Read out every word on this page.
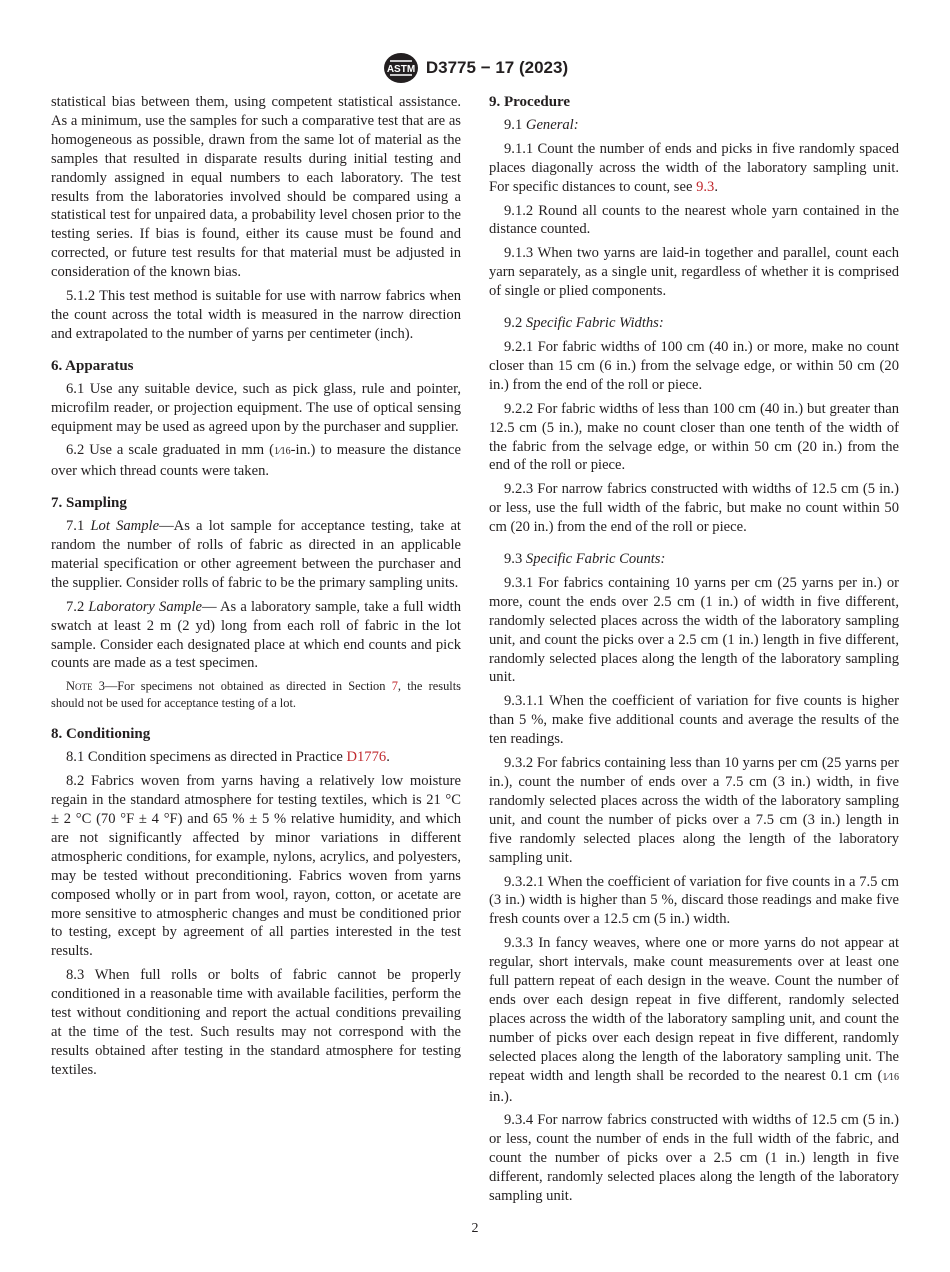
ASTM D3775 − 17 (2023)

statistical bias between them, using competent statistical assistance. As a minimum, use the samples for such a comparative test that are as homogeneous as possible, drawn from the same lot of material as the samples that resulted in disparate results during initial testing and randomly assigned in equal numbers to each laboratory. The test results from the laboratories involved should be compared using a statistical test for unpaired data, a probability level chosen prior to the testing series. If bias is found, either its cause must be found and corrected, or future test results for that material must be adjusted in consideration of the known bias.

5.1.2 This test method is suitable for use with narrow fabrics when the count across the total width is measured in the narrow direction and extrapolated to the number of yarns per centimeter (inch).

6. Apparatus

6.1 Use any suitable device, such as pick glass, rule and pointer, microfilm reader, or projection equipment. The use of optical sensing equipment may be used as agreed upon by the purchaser and supplier.

6.2 Use a scale graduated in mm (1⁄16-in.) to measure the distance over which thread counts were taken.

7. Sampling

7.1 Lot Sample—As a lot sample for acceptance testing, take at random the number of rolls of fabric as directed in an applicable material specification or other agreement between the purchaser and the supplier. Consider rolls of fabric to be the primary sampling units.

7.2 Laboratory Sample— As a laboratory sample, take a full width swatch at least 2 m (2 yd) long from each roll of fabric in the lot sample. Consider each designated place at which end counts and pick counts are made as a test specimen.

Note 3—For specimens not obtained as directed in Section 7, the results should not be used for acceptance testing of a lot.

8. Conditioning

8.1 Condition specimens as directed in Practice D1776.

8.2 Fabrics woven from yarns having a relatively low moisture regain in the standard atmosphere for testing textiles, which is 21 °C ± 2 °C (70 °F ± 4 °F) and 65 % ± 5 % relative humidity, and which are not significantly affected by minor variations in different atmospheric conditions, for example, nylons, acrylics, and polyesters, may be tested without preconditioning. Fabrics woven from yarns composed wholly or in part from wool, rayon, cotton, or acetate are more sensitive to atmospheric changes and must be conditioned prior to testing, except by agreement of all parties interested in the test results.

8.3 When full rolls or bolts of fabric cannot be properly conditioned in a reasonable time with available facilities, perform the test without conditioning and report the actual conditions prevailing at the time of the test. Such results may not correspond with the results obtained after testing in the standard atmosphere for testing textiles.

9. Procedure

9.1 General:

9.1.1 Count the number of ends and picks in five randomly spaced places diagonally across the width of the laboratory sampling unit. For specific distances to count, see 9.3.

9.1.2 Round all counts to the nearest whole yarn contained in the distance counted.

9.1.3 When two yarns are laid-in together and parallel, count each yarn separately, as a single unit, regardless of whether it is comprised of single or plied components.

9.2 Specific Fabric Widths:

9.2.1 For fabric widths of 100 cm (40 in.) or more, make no count closer than 15 cm (6 in.) from the selvage edge, or within 50 cm (20 in.) from the end of the roll or piece.

9.2.2 For fabric widths of less than 100 cm (40 in.) but greater than 12.5 cm (5 in.), make no count closer than one tenth of the width of the fabric from the selvage edge, or within 50 cm (20 in.) from the end of the roll or piece.

9.2.3 For narrow fabrics constructed with widths of 12.5 cm (5 in.) or less, use the full width of the fabric, but make no count within 50 cm (20 in.) from the end of the roll or piece.

9.3 Specific Fabric Counts:

9.3.1 For fabrics containing 10 yarns per cm (25 yarns per in.) or more, count the ends over 2.5 cm (1 in.) of width in five different, randomly selected places across the width of the laboratory sampling unit, and count the picks over a 2.5 cm (1 in.) length in five different, randomly selected places along the length of the laboratory sampling unit.

9.3.1.1 When the coefficient of variation for five counts is higher than 5 %, make five additional counts and average the results of the ten readings.

9.3.2 For fabrics containing less than 10 yarns per cm (25 yarns per in.), count the number of ends over a 7.5 cm (3 in.) width, in five randomly selected places across the width of the laboratory sampling unit, and count the number of picks over a 7.5 cm (3 in.) length in five randomly selected places along the length of the laboratory sampling unit.

9.3.2.1 When the coefficient of variation for five counts in a 7.5 cm (3 in.) width is higher than 5 %, discard those readings and make five fresh counts over a 12.5 cm (5 in.) width.

9.3.3 In fancy weaves, where one or more yarns do not appear at regular, short intervals, make count measurements over at least one full pattern repeat of each design in the weave. Count the number of ends over each design repeat in five different, randomly selected places across the width of the laboratory sampling unit, and count the number of picks over each design repeat in five different, randomly selected places along the length of the laboratory sampling unit. The repeat width and length shall be recorded to the nearest 0.1 cm (1⁄16 in.).

9.3.4 For narrow fabrics constructed with widths of 12.5 cm (5 in.) or less, count the number of ends in the full width of the fabric, and count the number of picks over a 2.5 cm (1 in.) length in five different, randomly selected places along the length of the laboratory sampling unit.

2
